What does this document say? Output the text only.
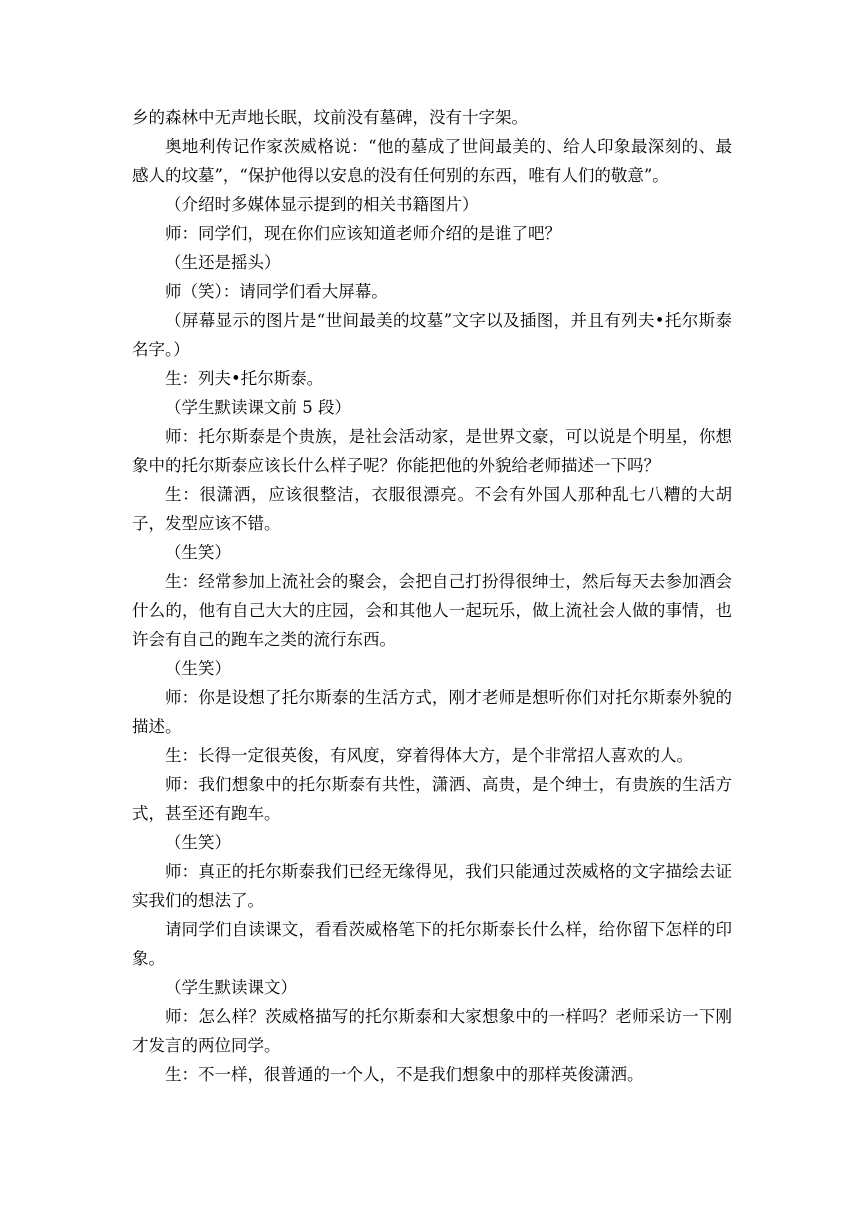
乡的森林中无声地长眠，坟前没有墓碑，没有十字架。

奥地利传记作家茨威格说：“他的墓成了世间最美的、给人印象最深刻的、最感人的坟墓”，“保护他得以安息的没有任何别的东西，唯有人们的敬意”。

（介绍时多媒体显示提到的相关书籍图片）

师：同学们，现在你们应该知道老师介绍的是谁了吧？

（生还是摇头）

师（笑）：请同学们看大屏幕。

（屏幕显示的图片是“世间最美的坟墓”文字以及插图，并且有列夫•托尔斯泰名字。）

生：列夫•托尔斯泰。

（学生默读课文前 5 段）

师：托尔斯泰是个贵族，是社会活动家，是世界文豪，可以说是个明星，你想象中的托尔斯泰应该长什么样子呢？你能把他的外貌给老师描述一下吗？

生：很潇洒，应该很整洁，衣服很漂亮。不会有外国人那种乱七八糟的大胡子，发型应该不错。

（生笑）

生：经常参加上流社会的聚会，会把自己打扮得很绅士，然后每天去参加酒会什么的，他有自己大大的庄园，会和其他人一起玩乐，做上流社会人做的事情，也许会有自己的跑车之类的流行东西。

（生笑）

师：你是设想了托尔斯泰的生活方式，刚才老师是想听你们对托尔斯泰外貌的描述。

生：长得一定很英俊，有风度，穿着得体大方，是个非常招人喜欢的人。

师：我们想象中的托尔斯泰有共性，潇洒、高贵，是个绅士，有贵族的生活方式，甚至还有跑车。

（生笑）

师：真正的托尔斯泰我们已经无缘得见，我们只能通过茨威格的文字描绘去证实我们的想法了。

请同学们自读课文，看看茨威格笔下的托尔斯泰长什么样，给你留下怎样的印象。

（学生默读课文）

师：怎么样？茨威格描写的托尔斯泰和大家想象中的一样吗？老师采访一下刚才发言的两位同学。

生：不一样，很普通的一个人，不是我们想象中的那样英俊潇洒。
